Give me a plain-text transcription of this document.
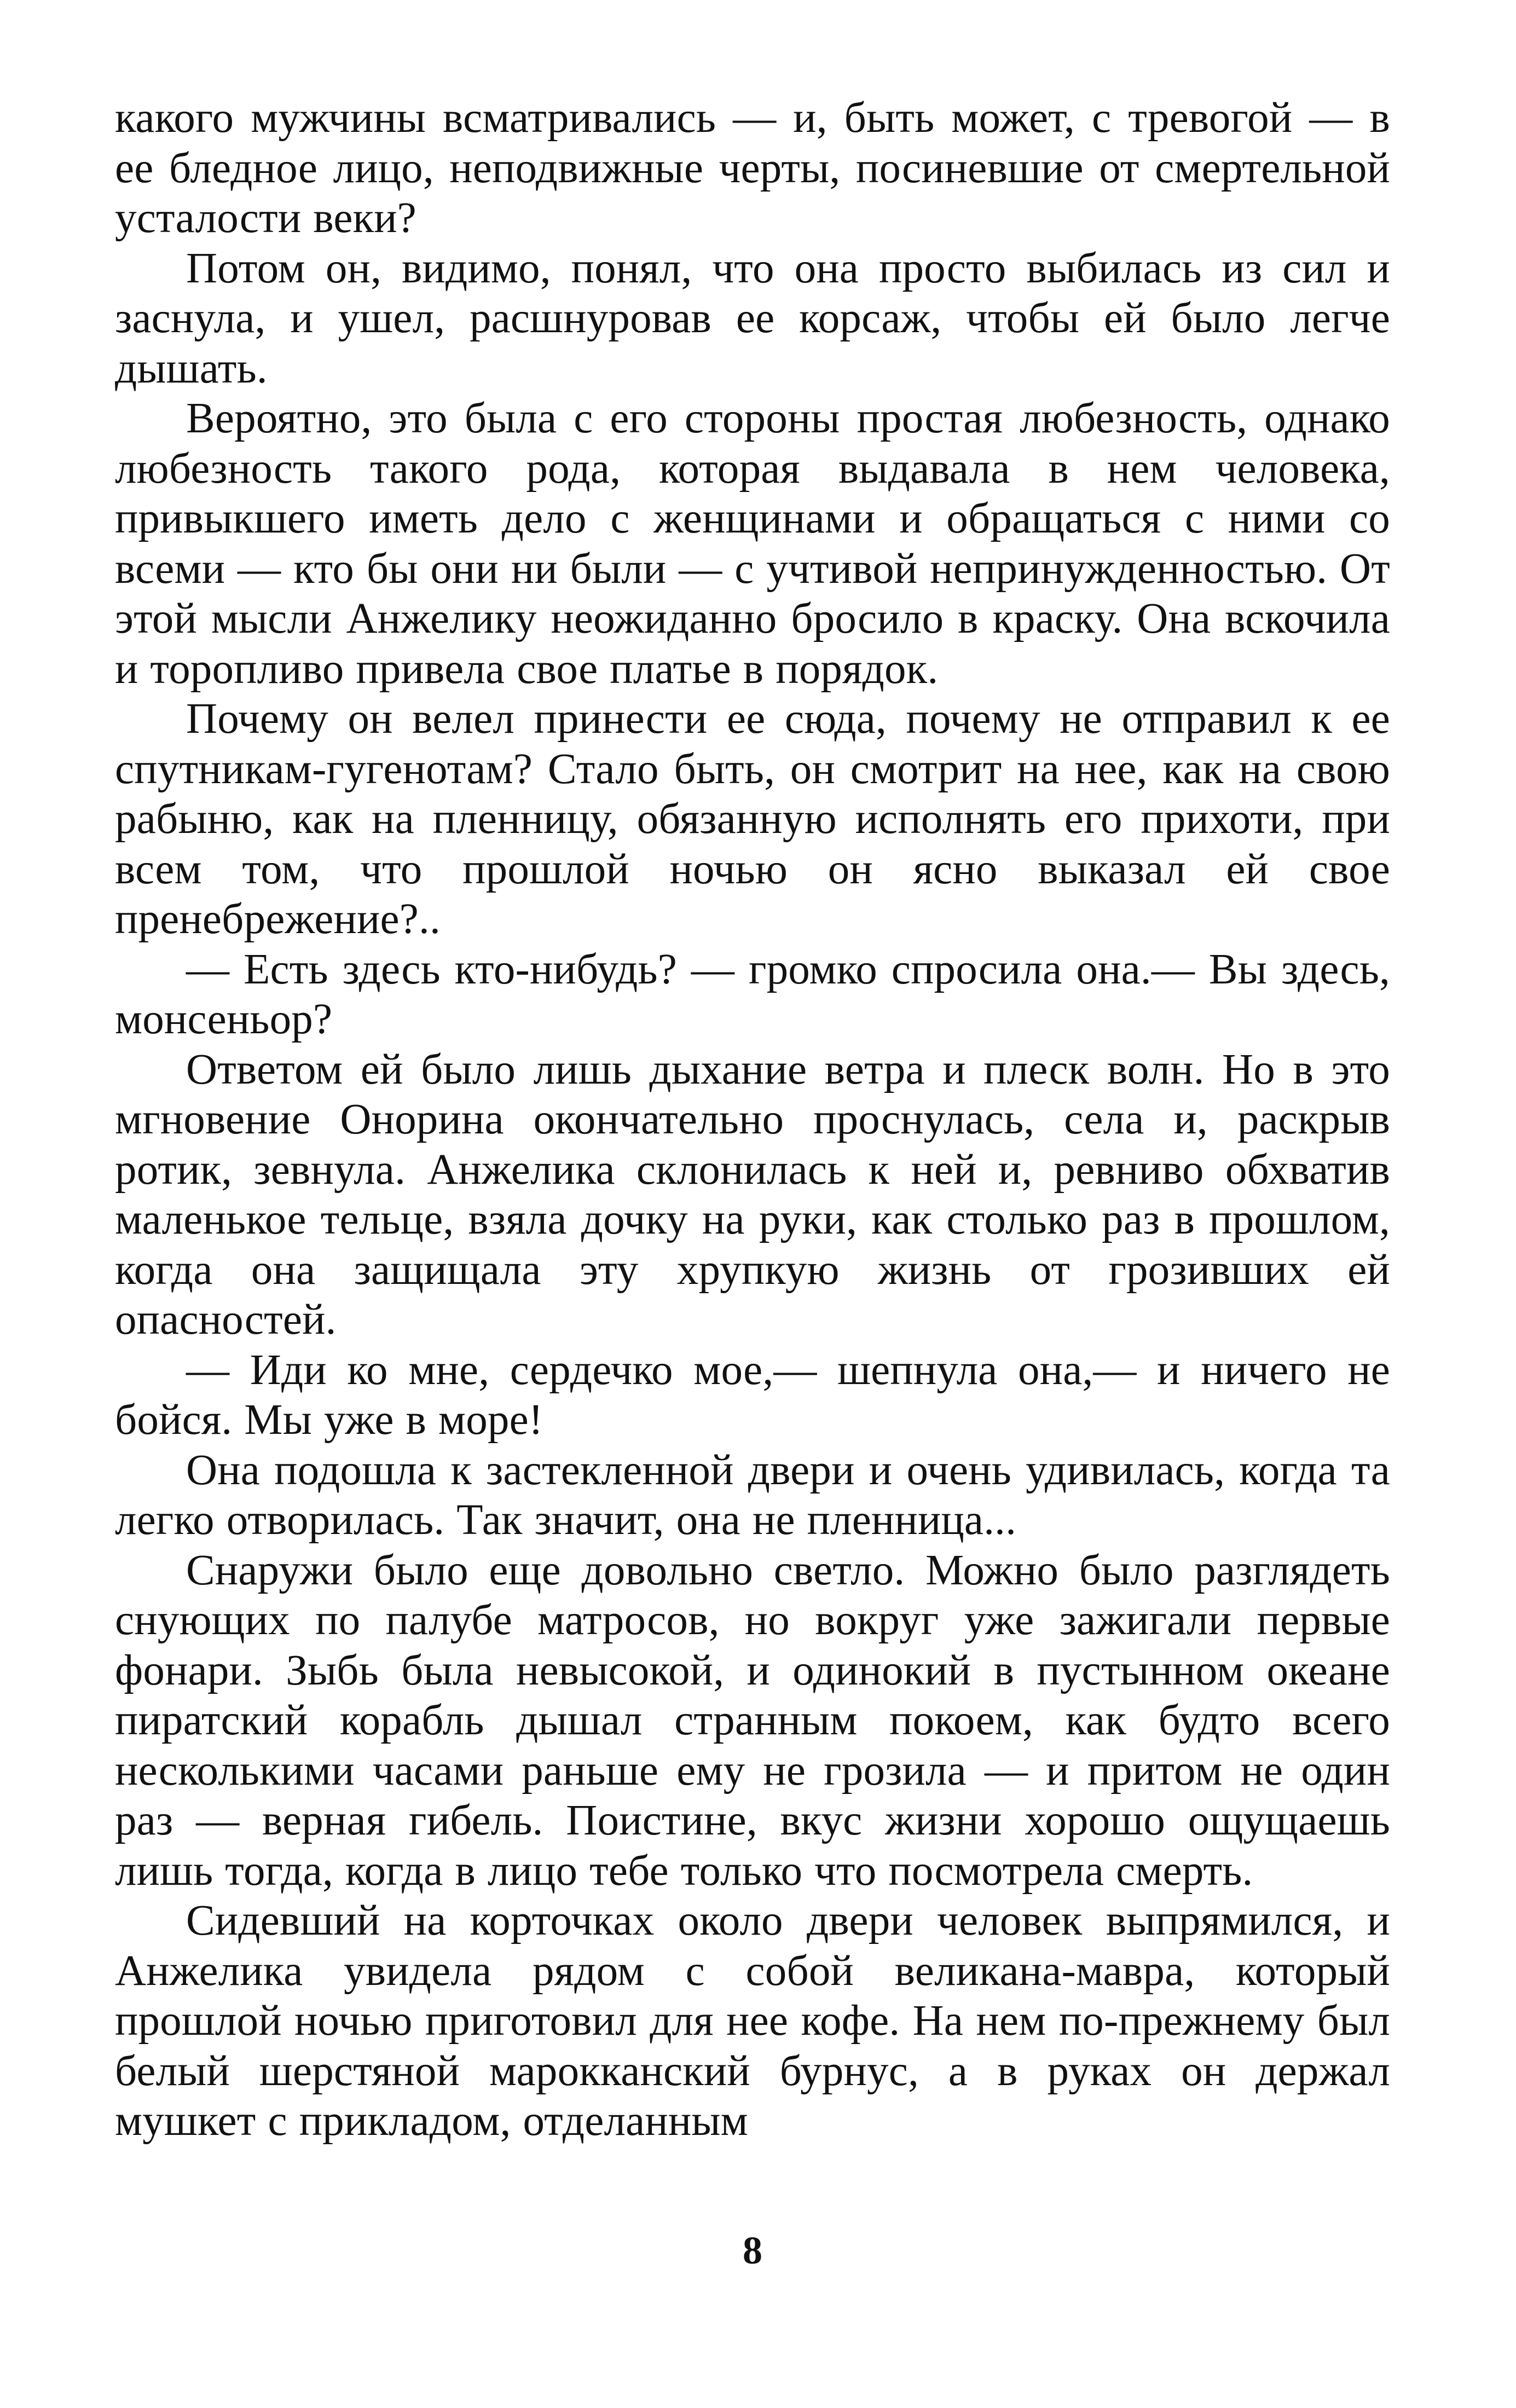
какого мужчины всматривались — и, быть может, с тревогой — в ее бледное лицо, неподвижные черты, посиневшие от смертельной усталости веки?

Потом он, видимо, понял, что она просто выбилась из сил и заснула, и ушел, расшнуровав ее корсаж, чтобы ей было легче дышать.

Вероятно, это была с его стороны простая любезность, однако любезность такого рода, которая выдавала в нем человека, привыкшего иметь дело с женщинами и обращаться с ними со всеми — кто бы они ни были — с учтивой непринужденностью. От этой мысли Анжелику неожиданно бросило в краску. Она вскочила и торопливо привела свое платье в порядок.

Почему он велел принести ее сюда, почему не отправил к ее спутникам-гугенотам? Стало быть, он смотрит на нее, как на свою рабыню, как на пленницу, обязанную исполнять его прихоти, при всем том, что прошлой ночью он ясно выказал ей свое пренебрежение?..

— Есть здесь кто-нибудь? — громко спросила она.— Вы здесь, монсеньор?

Ответом ей было лишь дыхание ветра и плеск волн. Но в это мгновение Онорина окончательно проснулась, села и, раскрыв ротик, зевнула. Анжелика склонилась к ней и, ревниво обхватив маленькое тельце, взяла дочку на руки, как столько раз в прошлом, когда она защищала эту хрупкую жизнь от грозивших ей опасностей.

— Иди ко мне, сердечко мое,— шепнула она,— и ничего не бойся. Мы уже в море!

Она подошла к застекленной двери и очень удивилась, когда та легко отворилась. Так значит, она не пленница...

Снаружи было еще довольно светло. Можно было разглядеть снующих по палубе матросов, но вокруг уже зажигали первые фонари. Зыбь была невысокой, и одинокий в пустынном океане пиратский корабль дышал странным покоем, как будто всего несколькими часами раньше ему не грозила — и притом не один раз — верная гибель. Поистине, вкус жизни хорошо ощущаешь лишь тогда, когда в лицо тебе только что посмотрела смерть.

Сидевший на корточках около двери человек выпрямился, и Анжелика увидела рядом с собой великана-мавра, который прошлой ночью приготовил для нее кофе. На нем по-прежнему был белый шерстяной марокканский бурнус, а в руках он держал мушкет с прикладом, отделанным

8
